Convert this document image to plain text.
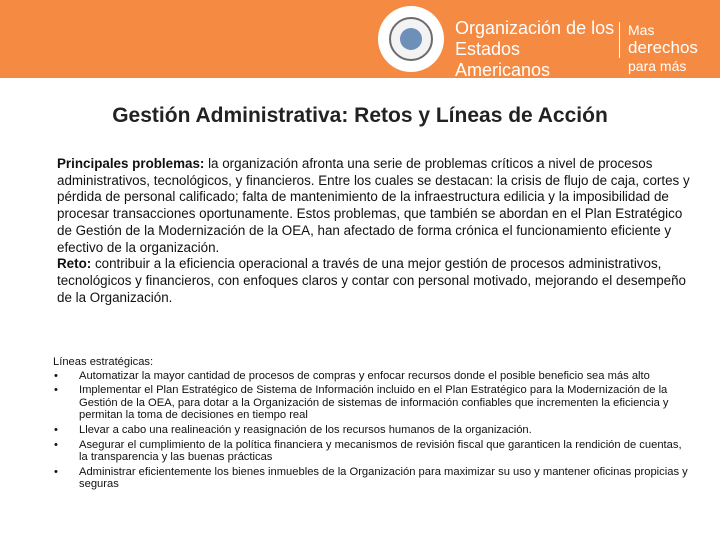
Organización de los
Estados Americanos
Mas derechos
para más gente
Gestión Administrativa: Retos y Líneas de Acción

Principales problemas: la organización afronta una serie de problemas críticos a nivel de procesos administrativos, tecnológicos, y financieros. Entre los cuales se destacan: la crisis de flujo de caja, cortes y pérdida de personal calificado; falta de mantenimiento de la infraestructura edilicia y la imposibilidad de procesar transacciones oportunamente. Estos problemas, que también se abordan en el Plan Estratégico de Gestión de la Modernización de la OEA, han afectado de forma crónica el funcionamiento eficiente y efectivo de la organización.

Reto: contribuir a la eficiencia operacional a través de una mejor gestión de procesos administrativos, tecnológicos y financieros, con enfoques claros y contar con personal motivado, mejorando el desempeño de la Organización.

Líneas estratégicas:
• Automatizar la mayor cantidad de procesos de compras y enfocar recursos donde el posible beneficio sea más alto
• Implementar el Plan Estratégico de Sistema de Información incluido en el Plan Estratégico para la Modernización de la Gestión de la OEA, para dotar a la Organización de sistemas de información confiables que incrementen la eficiencia y permitan la toma de decisiones en tiempo real
• Llevar a cabo una realineación y reasignación de los recursos humanos de la organización.
• Asegurar el cumplimiento de la política financiera y mecanismos de revisión fiscal que garanticen la rendición de cuentas, la transparencia y las buenas prácticas
• Administrar eficientemente los bienes inmuebles de la Organización para maximizar su uso y mantener oficinas propicias y seguras
